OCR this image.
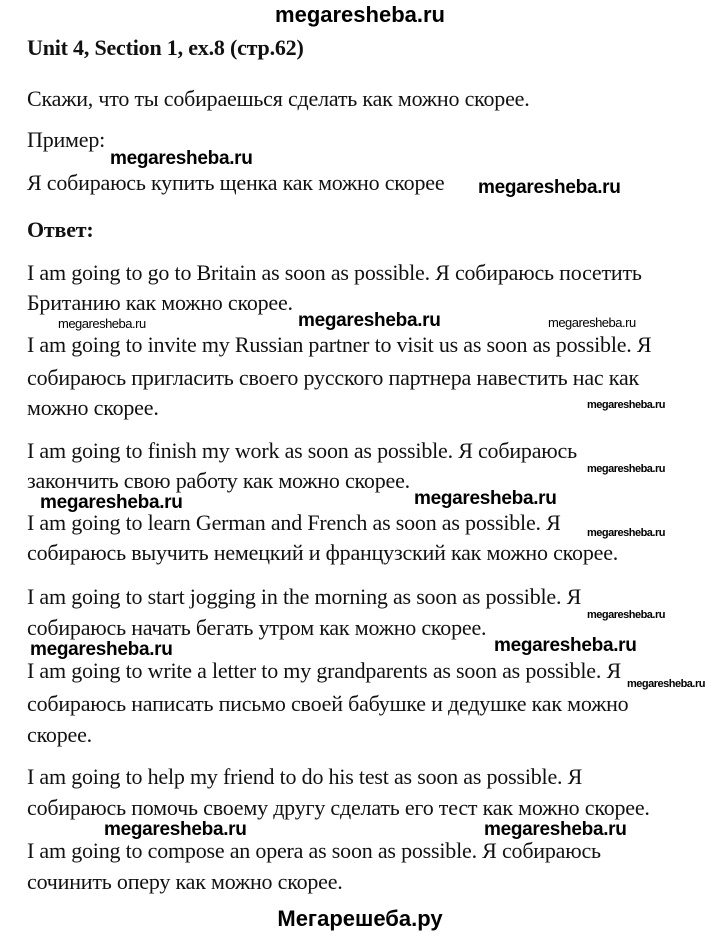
megaresheba.ru
Unit 4, Section 1, ex.8 (стр.62)
Скажи, что ты собираешься сделать как можно скорее.
Пример:
Я собираюсь купить щенка как можно скорее
Ответ:
I am going to go to Britain as soon as possible. Я собираюсь посетить
Британию как можно скорее.
I am going to invite my Russian partner to visit us as soon as possible. Я
собираюсь пригласить своего русского партнера навестить нас как
можно скорее.
I am going to finish my work as soon as possible. Я собираюсь
закончить свою работу как можно скорее.
I am going to learn German and French as soon as possible. Я
собираюсь выучить немецкий и французский как можно скорее.
I am going to start jogging in the morning as soon as possible. Я
собираюсь начать бегать утром как можно скорее.
I am going to write a letter to my grandparents as soon as possible. Я
собираюсь написать письмо своей бабушке и дедушке как можно
скорее.
I am going to help my friend to do his test as soon as possible. Я
собираюсь помочь своему другу сделать его тест как можно скорее.
I am going to compose an opera as soon as possible. Я собираюсь
сочинить оперу как можно скорее.
megaresheba.ru
megaresheba.ru
megaresheba.ru
megaresheba.ru	megaresheba.ru
megaresheba.ru
megaresheba.ru
megaresheba.ru	megaresheba.ru
megaresheba.ru
megaresheba.ru
megaresheba.ru	megaresheba.ru
megaresheba.ru
megaresheba.ru	megaresheba.ru
Мегарешеба.ру
